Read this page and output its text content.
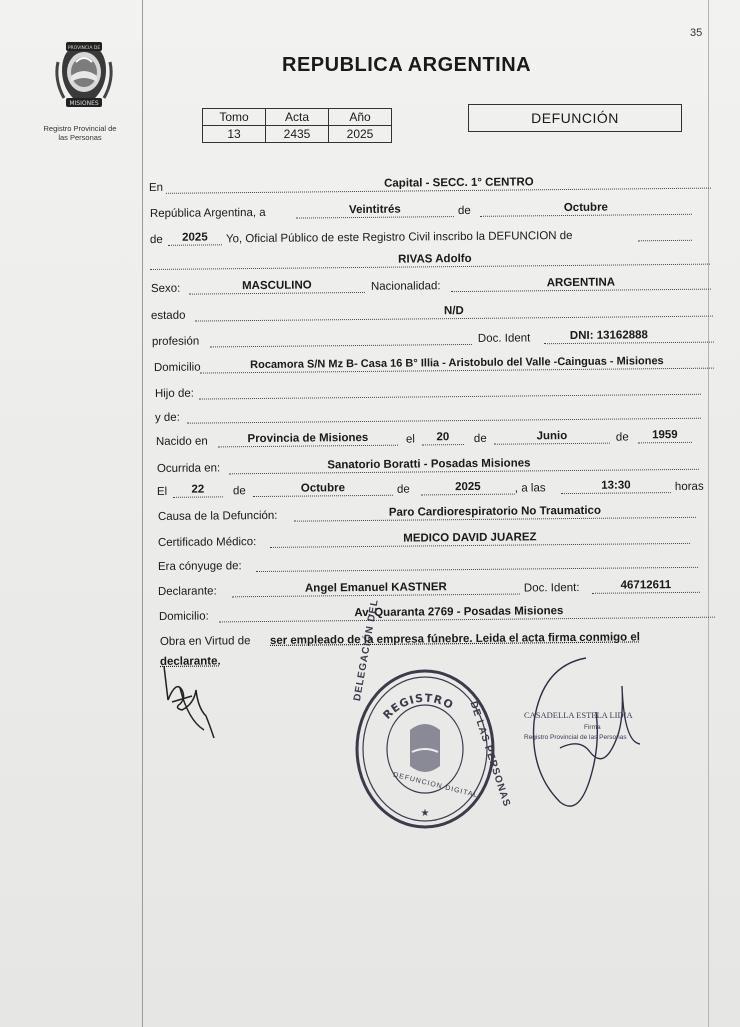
35
MISIONES
PROVINCIA DE
Registro Provincial de
las Personas
REPUBLICA ARGENTINA
Tomo	Acta	Año
13	2435	2025
DEFUNCIÓN
En	Capital - SECC. 1° CENTRO
República Argentina, a	Veintitrés	de	Octubre
de	2025	Yo, Oficial Público de este Registro Civil inscribo la DEFUNCION de
RIVAS Adolfo
Sexo:	MASCULINO	Nacionalidad:	ARGENTINA
estado	N/D
profesión	Doc. Ident	DNI: 13162888
Domicilio	Rocamora S/N Mz B- Casa 16 B° Illia - Aristobulo del Valle -Cainguas - Misiones
Hijo de:
y de:
Nacido en	Provincia de Misiones	el	20	de	Junio	de	1959
Ocurrida en:	Sanatorio Boratti - Posadas Misiones
El	22	de	Octubre	de	2025	, a las	13:30	horas
Causa de la Defunción:	Paro Cardiorespiratorio No Traumatico
Certificado Médico:	MEDICO DAVID JUAREZ
Era cónyuge de:
Declarante:	Angel Emanuel KASTNER	Doc. Ident:	46712611
Domicilio:	Av. Quaranta 2769 - Posadas Misiones
Obra en Virtud de ser empleado de la empresa fúnebre. Leida el acta firma conmigo el
declarante.
REGISTRO
★
DELEGACIÓN DEL
DE LAS PERSONAS
DEFUNCION DIGITAL
CASADELLA ESTELA LIDIA
Firma
Registro Provincial de las Personas
